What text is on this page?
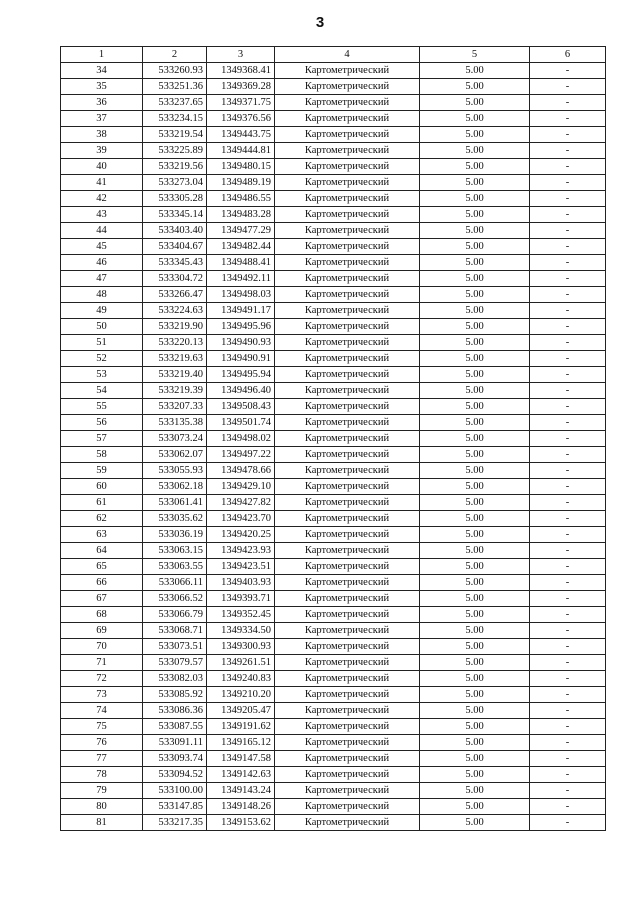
3
1	2	3	4	5	6
34	533260.93	1349368.41	Картометрический	5.00	-
35	533251.36	1349369.28	Картометрический	5.00	-
36	533237.65	1349371.75	Картометрический	5.00	-
37	533234.15	1349376.56	Картометрический	5.00	-
38	533219.54	1349443.75	Картометрический	5.00	-
39	533225.89	1349444.81	Картометрический	5.00	-
40	533219.56	1349480.15	Картометрический	5.00	-
41	533273.04	1349489.19	Картометрический	5.00	-
42	533305.28	1349486.55	Картометрический	5.00	-
43	533345.14	1349483.28	Картометрический	5.00	-
44	533403.40	1349477.29	Картометрический	5.00	-
45	533404.67	1349482.44	Картометрический	5.00	-
46	533345.43	1349488.41	Картометрический	5.00	-
47	533304.72	1349492.11	Картометрический	5.00	-
48	533266.47	1349498.03	Картометрический	5.00	-
49	533224.63	1349491.17	Картометрический	5.00	-
50	533219.90	1349495.96	Картометрический	5.00	-
51	533220.13	1349490.93	Картометрический	5.00	-
52	533219.63	1349490.91	Картометрический	5.00	-
53	533219.40	1349495.94	Картометрический	5.00	-
54	533219.39	1349496.40	Картометрический	5.00	-
55	533207.33	1349508.43	Картометрический	5.00	-
56	533135.38	1349501.74	Картометрический	5.00	-
57	533073.24	1349498.02	Картометрический	5.00	-
58	533062.07	1349497.22	Картометрический	5.00	-
59	533055.93	1349478.66	Картометрический	5.00	-
60	533062.18	1349429.10	Картометрический	5.00	-
61	533061.41	1349427.82	Картометрический	5.00	-
62	533035.62	1349423.70	Картометрический	5.00	-
63	533036.19	1349420.25	Картометрический	5.00	-
64	533063.15	1349423.93	Картометрический	5.00	-
65	533063.55	1349423.51	Картометрический	5.00	-
66	533066.11	1349403.93	Картометрический	5.00	-
67	533066.52	1349393.71	Картометрический	5.00	-
68	533066.79	1349352.45	Картометрический	5.00	-
69	533068.71	1349334.50	Картометрический	5.00	-
70	533073.51	1349300.93	Картометрический	5.00	-
71	533079.57	1349261.51	Картометрический	5.00	-
72	533082.03	1349240.83	Картометрический	5.00	-
73	533085.92	1349210.20	Картометрический	5.00	-
74	533086.36	1349205.47	Картометрический	5.00	-
75	533087.55	1349191.62	Картометрический	5.00	-
76	533091.11	1349165.12	Картометрический	5.00	-
77	533093.74	1349147.58	Картометрический	5.00	-
78	533094.52	1349142.63	Картометрический	5.00	-
79	533100.00	1349143.24	Картометрический	5.00	-
80	533147.85	1349148.26	Картометрический	5.00	-
81	533217.35	1349153.62	Картометрический	5.00	-
